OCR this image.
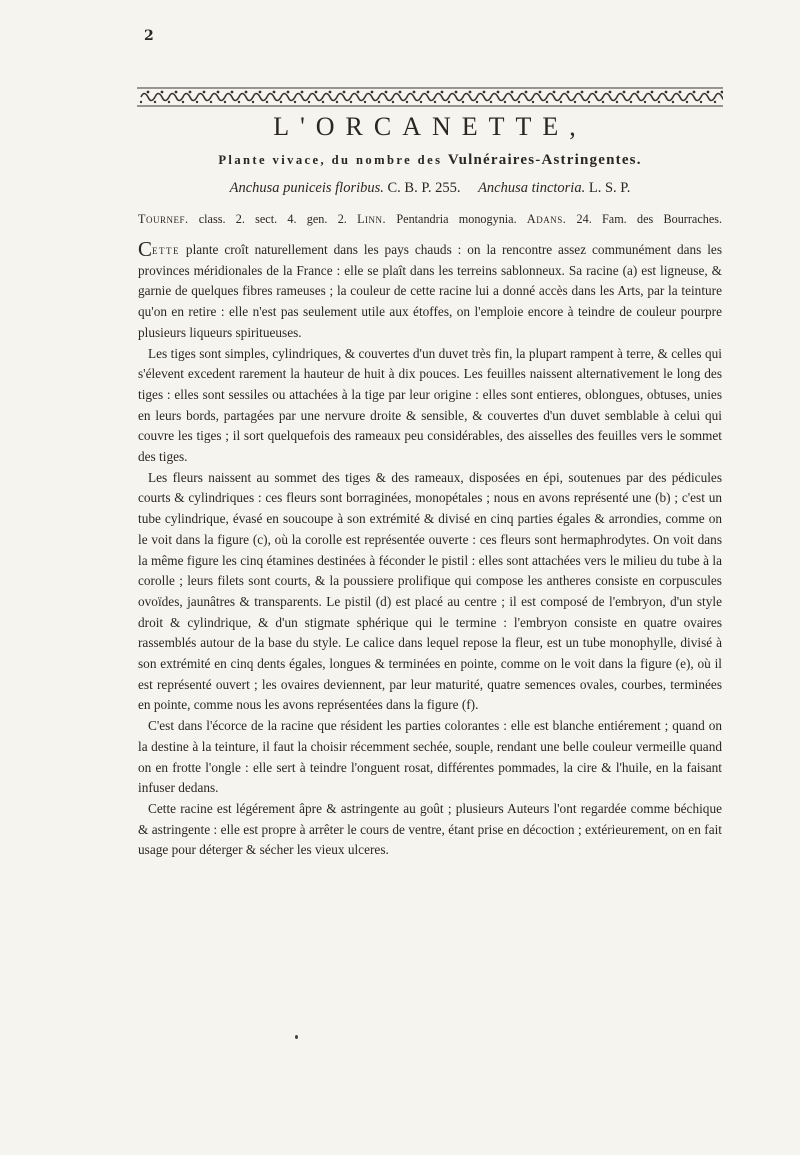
2
L'ORCANETTE,
Plante vivace, du nombre des Vulnéraires-Astringentes.
Anchusa puniceis floribus. C. B. P. 255. Anchusa tinctoria. L. S. P.
Tournef. class. 2. sect. 4. gen. 2. Linn. Pentandria monogynia. Adans. 24. Fam. des Bourraches.

Cette plante croît naturellement dans les pays chauds : on la rencontre assez communément dans les provinces méridionales de la France : elle se plaît dans les terreins sablonneux. Sa racine (a) est ligneuse, & garnie de quelques fibres rameuses ; la couleur de cette racine lui a donné accès dans les Arts, par la teinture qu'on en retire : elle n'est pas seulement utile aux étoffes, on l'emploie encore à teindre de couleur pourpre plusieurs liqueurs spiritueuses.

Les tiges sont simples, cylindriques, & couvertes d'un duvet très fin, la plupart rampent à terre, & celles qui s'élevent excedent rarement la hauteur de huit à dix pouces. Les feuilles naissent alternativement le long des tiges : elles sont sessiles ou attachées à la tige par leur origine : elles sont entieres, oblongues, obtuses, unies en leurs bords, partagées par une nervure droite & sensible, & couvertes d'un duvet semblable à celui qui couvre les tiges ; il sort quelquefois des rameaux peu considérables, des aisselles des feuilles vers le sommet des tiges.

Les fleurs naissent au sommet des tiges & des rameaux, disposées en épi, soutenues par des pédicules courts & cylindriques : ces fleurs sont borraginées, monopétales ; nous en avons représenté une (b) ; c'est un tube cylindrique, évasé en soucoupe à son extrémité & divisé en cinq parties égales & arrondies, comme on le voit dans la figure (c), où la corolle est représentée ouverte : ces fleurs sont hermaphrodytes. On voit dans la même figure les cinq étamines destinées à féconder le pistil : elles sont attachées vers le milieu du tube à la corolle ; leurs filets sont courts, & la poussiere prolifique qui compose les antheres consiste en corpuscules ovoïdes, jaunâtres & transparents. Le pistil (d) est placé au centre ; il est composé de l'embryon, d'un style droit & cylindrique, & d'un stigmate sphérique qui le termine : l'embryon consiste en quatre ovaires rassemblés autour de la base du style. Le calice dans lequel repose la fleur, est un tube monophylle, divisé à son extrémité en cinq dents égales, longues & terminées en pointe, comme on le voit dans la figure (e), où il est représenté ouvert ; les ovaires deviennent, par leur maturité, quatre semences ovales, courbes, terminées en pointe, comme nous les avons représentées dans la figure (f).

C'est dans l'écorce de la racine que résident les parties colorantes : elle est blanche entiérement ; quand on la destine à la teinture, il faut la choisir récemment sechée, souple, rendant une belle couleur vermeille quand on en frotte l'ongle : elle sert à teindre l'onguent rosat, différentes pommades, la cire & l'huile, en la faisant infuser dedans.

Cette racine est légérement âpre & astringente au goût ; plusieurs Auteurs l'ont regardée comme béchique & astringente : elle est propre à arrêter le cours de ventre, étant prise en décoction ; extérieurement, on en fait usage pour déterger & sécher les vieux ulceres.
